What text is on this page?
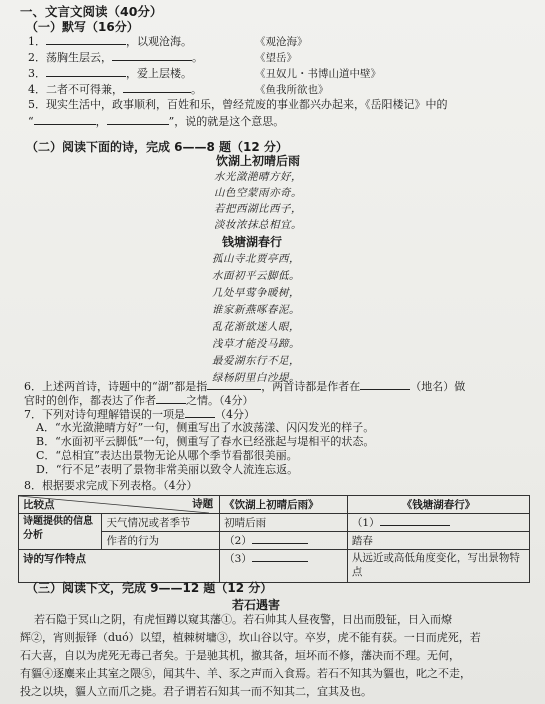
一、文言文阅读（40分）
（一）默写（16分）
1．	，以观沧海。	《观沧海》
2．荡胸生层云，	。	《望岳》
3．	，爱上层楼。	《丑奴儿・书博山道中壁》
4．二者不可得兼，	。	《鱼我所欲也》
5．现实生活中，政事顺利，百姓和乐，曾经荒废的事业都兴办起来，《岳阳楼记》中的
“	，	”，说的就是这个意思。
（二）阅读下面的诗，完成 6——8 题（12 分）
饮湖上初晴后雨
水光潋滟晴方好，
山色空蒙雨亦奇。
若把西湖比西子，
淡妆浓抹总相宜。
钱塘湖春行
孤山寺北贾亭西，
水面初平云脚低。
几处早莺争暖树，
谁家新燕啄春泥。
乱花渐欲迷人眼，
浅草才能没马蹄。
最爱湖东行不足，
绿杨阴里白沙堤。
6．上述两首诗，诗题中的“湖”都是指	，两首诗都是作者在	（地名）做
官时的创作，都表达了作者	之情。（4分）
7．下列对诗句理解错误的一项是	（4分）
A．“水光潋滟晴方好”一句，侧重写出了水波荡漾、闪闪发光的样子。
B．“水面初平云脚低”一句，侧重写了春水已经涨起与堤相平的状态。
C．“总相宜”表达出景物无论从哪个季节看都很美丽。
D．“行不足”表明了景物非常美丽以致令人流连忘返。
比较点 诗题		《饮湖上初晴后雨》	《钱塘湖春行》
诗题提供的信息分析	天气情况或者季节	初晴后雨	（1）
	作者的行为	（2）	踏春
诗的写作特点		（3）	从远近或高低角度变化，写出景物特点
（三）阅读下文，完成 9——12 题（12 分）
若石遇害
若石隐于冥山之阴，有虎恒蹲以窥其藩①。若石帅其人昼夜警，日出而殷钲，日入而燎
辉②，宵则振铎（duó）以望，植棘树墉③，坎山谷以守。卒岁，虎不能有获。一日而虎死，若
石大喜，自以为虎死无毒己者矣。于是驰其机，撤其备，垣坏而不修，藩决而不理。无何，
有貙④逐麋来止其室之隈⑤，闻其牛、羊、豕之声而入食焉。若石不知其为貙也，叱之不走，
投之以块，貙人立而爪之毙。君子谓若石知其一而不知其二，宜其及也。
8．根据要求完成下列表格。（4分）
